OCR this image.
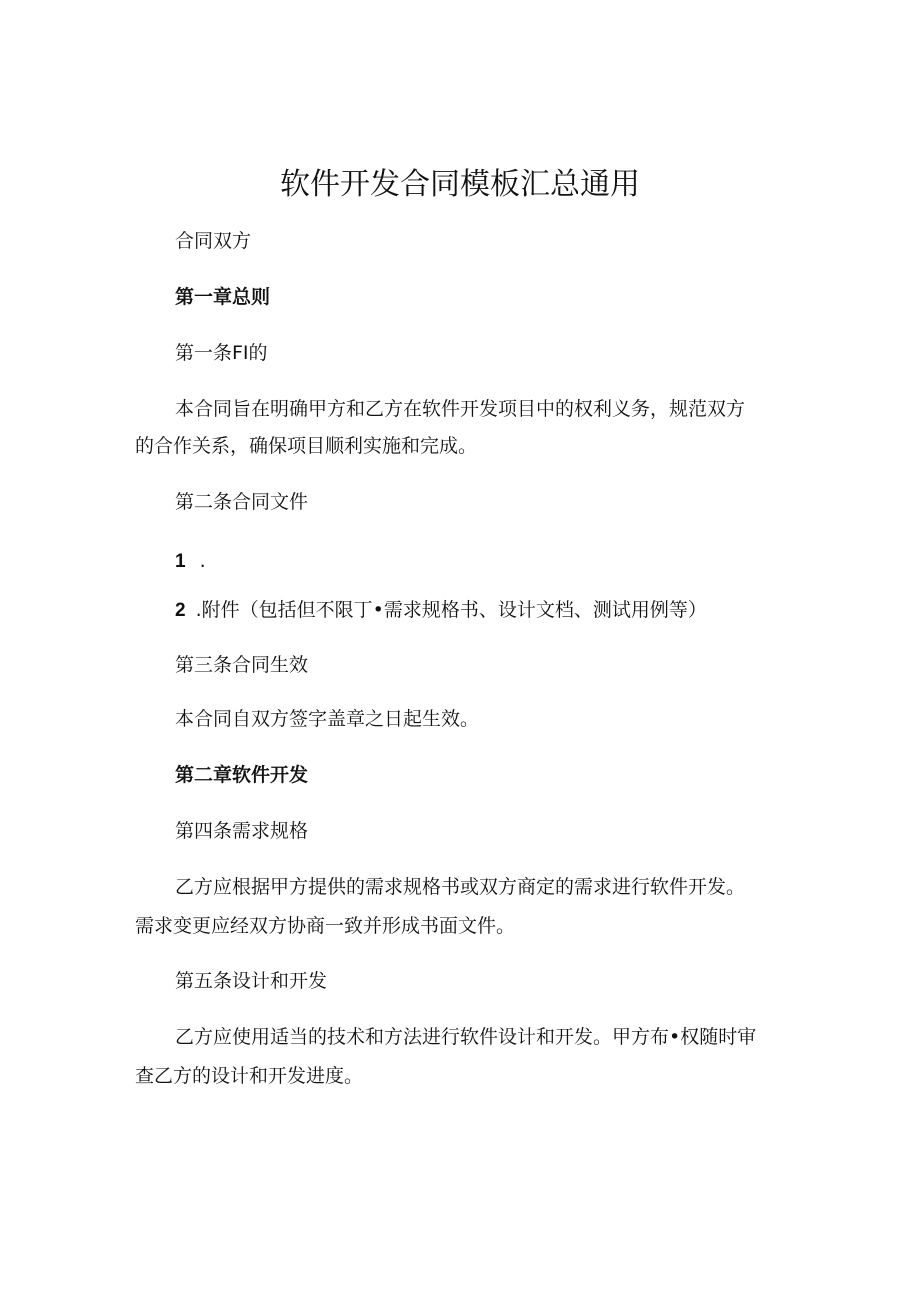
软件开发合同模板汇总通用
合同双方
第一章总则
第一条FI的
本合同旨在明确甲方和乙方在软件开发项目中的权利义务，规范双方
的合作关系，确保项目顺利实施和完成。
第二条合同文件
1 .
2 .附件（包括但不限丁•需求规格书、设计文档、测试用例等）
第三条合同生效
本合同自双方签字盖章之日起生效。
第二章软件开发
第四条需求规格
乙方应根据甲方提供的需求规格书或双方商定的需求进行软件开发。
需求变更应经双方协商一致并形成书面文件。
第五条设计和开发
乙方应使用适当的技术和方法进行软件设计和开发。甲方布•权随时审
查乙方的设计和开发进度。
